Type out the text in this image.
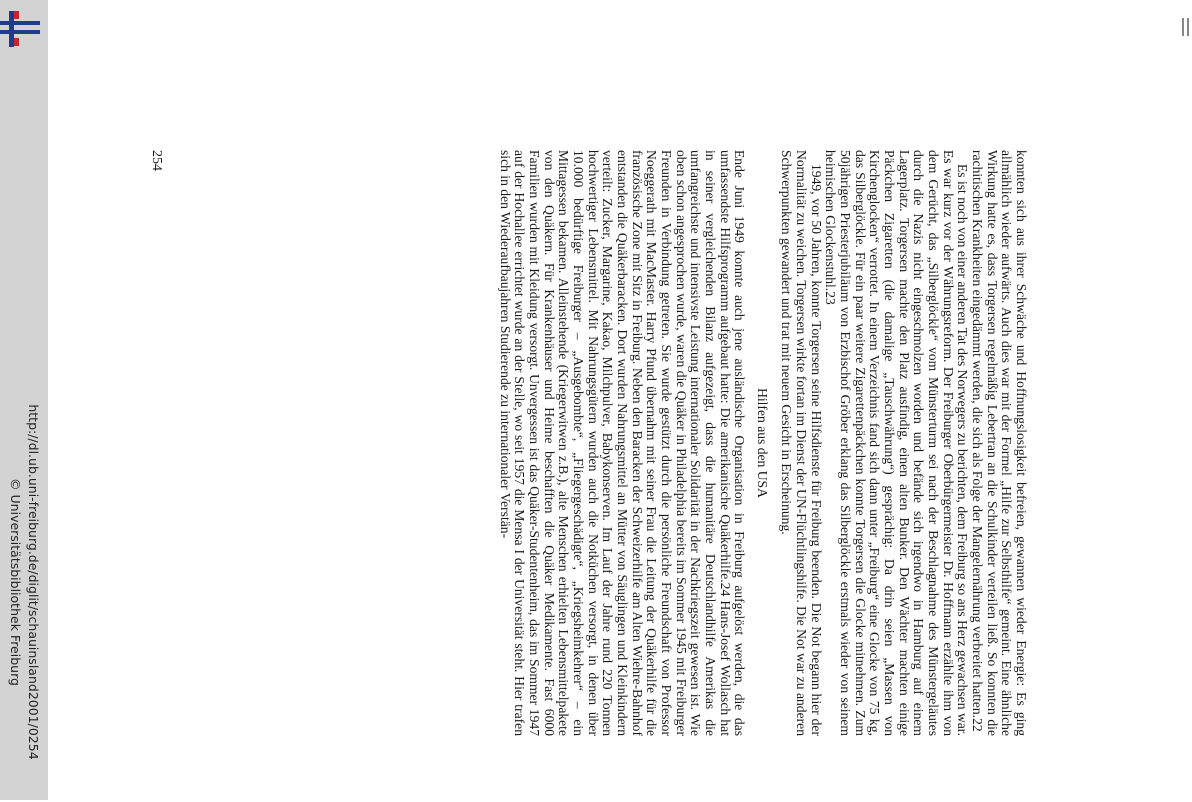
http://dl.ub.uni-freiburg.de/diglit/schauinsland2001/0254
© Universitätsbibliothek Freiburg	konnten sich aus ihrer Schwäche und Hoffnungslosigkeit befreien, gewannen wieder Energie: Es ging allmählich wieder aufwärts. Auch dies war mit der Formel „Hilfe zur Selbsthilfe“ gemeint. Eine ähnliche Wirkung hatte es, dass Torgersen regelmäßig Lebertran an die Schulkinder verteilen ließ. So konnten die rachitischen Krankheiten eingedämmt werden, die sich als Folge der Mangelernährung verbreitet hatten.22

Es ist noch von einer anderen Tat des Norwegers zu berichten, dem Freiburg so ans Herz gewachsen war. Es war kurz vor der Währungsreform. Der Freiburger Oberbürgermeister Dr. Hoffmann erzählte ihm von dem Gerücht, das „Silberglöckle“ vom Münsterturm sei nach der Beschlagnahme des Münstergeläutes durch die Nazis nicht eingeschmolzen worden und befände sich irgendwo in Hamburg auf einem Lagerplatz. Torgersen machte den Platz ausfindig, einen alten Bunker. Den Wächter machten einige Päckchen Zigaretten (die damalige „Tauschwährung“) gesprächig: Da drin seien „Massen von Kirchenglocken“ verrottet. In einem Verzeichnis fand sich dann unter „Freiburg“ eine Glocke von 75 kg, das Silberglöckle. Für ein paar weitere Zigarettenpäckchen konnte Torgersen die Glocke mitnehmen. Zum 50jährigen Priesterjubiläum von Erzbischof Gröber erklang das Silberglöckle erstmals wieder von seinem heimischen Glockenstuhl.23

1949, vor 50 Jahren, konnte Torgersen seine Hilfsdienste für Freiburg beenden. Die Not begann hier der Normalität zu weichen. Torgersen wirkte fortan im Dienst der UN-Flüchtlingshilfe. Die Not war zu anderen Schwerpunkten gewandert und trat mit neuem Gesicht in Erscheinung.

Hilfen aus den USA

Ende Juni 1949 konnte auch jene ausländische Organisation in Freiburg aufgelöst werden, die das umfassendste Hilfsprogramm aufgebaut hatte: Die amerikanische Quäkerhilfe.24 Hans-Josef Wollasch hat in seiner vergleichenden Bilanz aufgezeigt, dass die humanitäre Deutschlandhilfe Amerikas die umfangreichste und intensivste Leistung internationaler Solidarität in der Nachkriegszeit gewesen ist. Wie oben schon angesprochen wurde, waren die Quäker in Philadelphia bereits im Sommer 1945 mit Freiburger Freunden in Verbindung getreten. Sie wurde gestützt durch die persönliche Freundschaft von Professor Noeggerath mit MacMaster. Harry Pfund übernahm mit seiner Frau die Leitung der Quäkerhilfe für die französische Zone mit Sitz in Freiburg. Neben den Baracken der Schweizerhilfe am Alten Wiehre-Bahnhof entstanden die Quäkerbaracken. Dort wurden Nahrungsmittel an Mütter von Säuglingen und Kleinkindern verteilt: Zucker, Margarine, Kakao, Milchpulver, Babykonserven. Im Lauf der Jahre rund 220 Tonnen hochwertiger Lebensmittel. Mit Nahrungsgütern wurden auch die Notküchen versorgt, in denen über 10.000 bedürftige Freiburger – „Ausgebombte“, „Fliegergeschädigte“, „Kriegsheimkehrer“ – ein Mittagessen bekamen. Alleinstehende (Kriegerwitwen z.B.), alte Menschen erhielten Lebensmittelpakete von den Quäkern. Für Krankenhäuser und Heime beschafften die Quäker Medikamente. Fast 6000 Familien wurden mit Kleidung versorgt. Unvergessen ist das Quäker-Studentenheim, das im Sommer 1947 auf der Hochallee errichtet wurde an der Stelle, wo seit 1957 die Mensa I der Universität steht. Hier trafen sich in den Wiederaufbaujahren Studierende zu internationaler Verstän-

254
